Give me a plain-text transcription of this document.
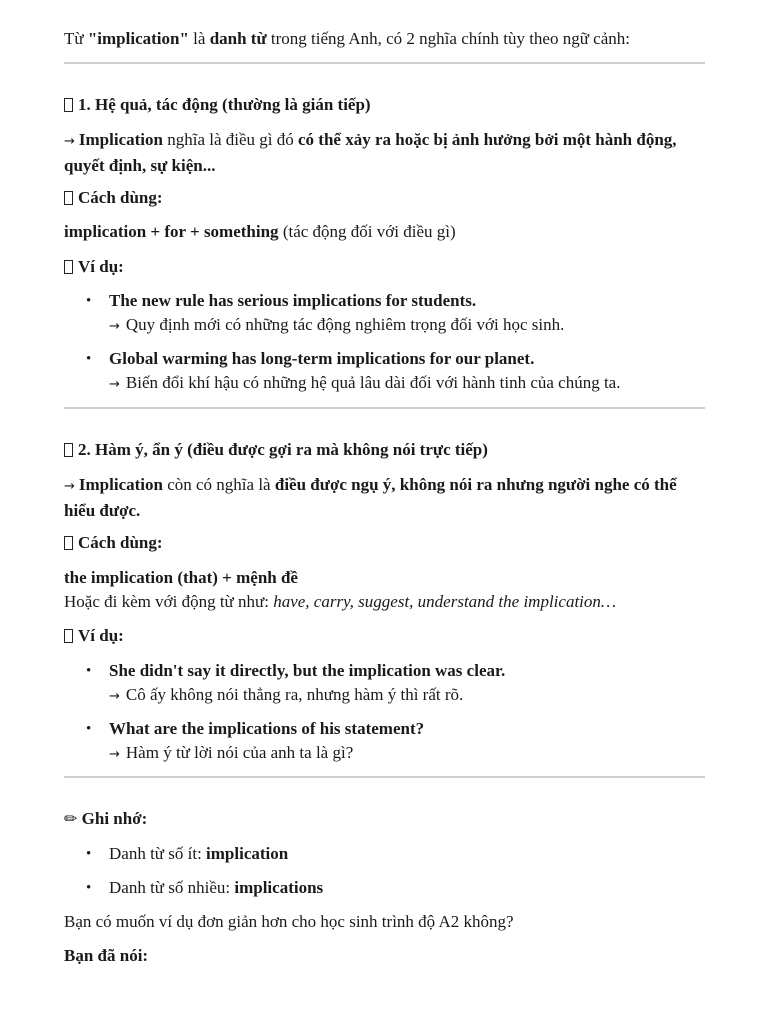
Từ "implication" là danh từ trong tiếng Anh, có 2 nghĩa chính tùy theo ngữ cảnh:

1. Hệ quả, tác động (thường là gián tiếp)

→ Implication nghĩa là điều gì đó có thể xảy ra hoặc bị ảnh hưởng bởi một hành động, quyết định, sự kiện...

Cách dùng:

implication + for + something (tác động đối với điều gì)

Ví dụ:

• The new rule has serious implications for students.
→ Quy định mới có những tác động nghiêm trọng đối với học sinh.
• Global warming has long-term implications for our planet.
→ Biến đổi khí hậu có những hệ quả lâu dài đối với hành tinh của chúng ta.

2. Hàm ý, ẩn ý (điều được gợi ra mà không nói trực tiếp)

→ Implication còn có nghĩa là điều được ngụ ý, không nói ra nhưng người nghe có thể hiểu được.

Cách dùng:

the implication (that) + mệnh đề
Hoặc đi kèm với động từ như: have, carry, suggest, understand the implication…

Ví dụ:

• She didn't say it directly, but the implication was clear.
→ Cô ấy không nói thẳng ra, nhưng hàm ý thì rất rõ.
• What are the implications of his statement?
→ Hàm ý từ lời nói của anh ta là gì?

✏ Ghi nhớ:

• Danh từ số ít: implication
• Danh từ số nhiều: implications

Bạn có muốn ví dụ đơn giản hơn cho học sinh trình độ A2 không?

Bạn đã nói:
